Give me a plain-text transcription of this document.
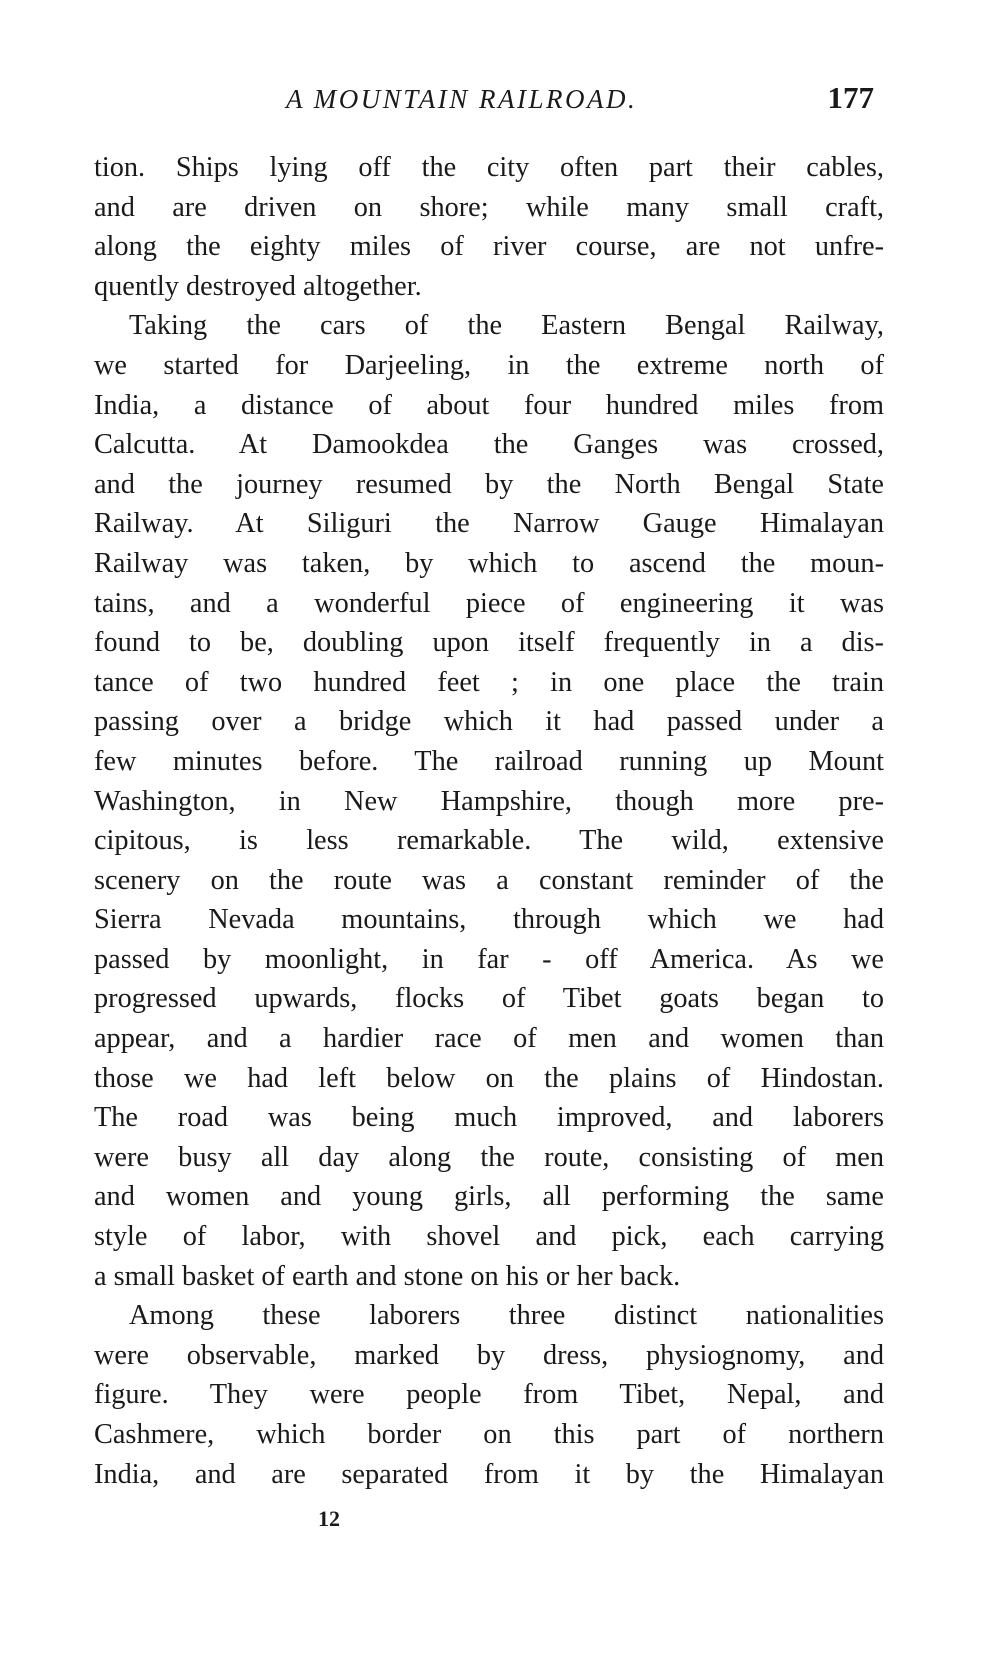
A MOUNTAIN RAILROAD.	177
tion. Ships lying off the city often part their cables,
and are driven on shore; while many small craft,
along the eighty miles of river course, are not unfre-
quently destroyed altogether.
Taking the cars of the Eastern Bengal Railway,
we started for Darjeeling, in the extreme north of
India, a distance of about four hundred miles from
Calcutta. At Damookdea the Ganges was crossed,
and the journey resumed by the North Bengal State
Railway. At Siliguri the Narrow Gauge Himalayan
Railway was taken, by which to ascend the moun-
tains, and a wonderful piece of engineering it was
found to be, doubling upon itself frequently in a dis-
tance of two hundred feet ; in one place the train
passing over a bridge which it had passed under a
few minutes before. The railroad running up Mount
Washington, in New Hampshire, though more pre-
cipitous, is less remarkable. The wild, extensive
scenery on the route was a constant reminder of the
Sierra Nevada mountains, through which we had
passed by moonlight, in far - off America. As we
progressed upwards, flocks of Tibet goats began to
appear, and a hardier race of men and women than
those we had left below on the plains of Hindostan.
The road was being much improved, and laborers
were busy all day along the route, consisting of men
and women and young girls, all performing the same
style of labor, with shovel and pick, each carrying
a small basket of earth and stone on his or her back.
Among these laborers three distinct nationalities
were observable, marked by dress, physiognomy, and
figure. They were people from Tibet, Nepal, and
Cashmere, which border on this part of northern
India, and are separated from it by the Himalayan
12
